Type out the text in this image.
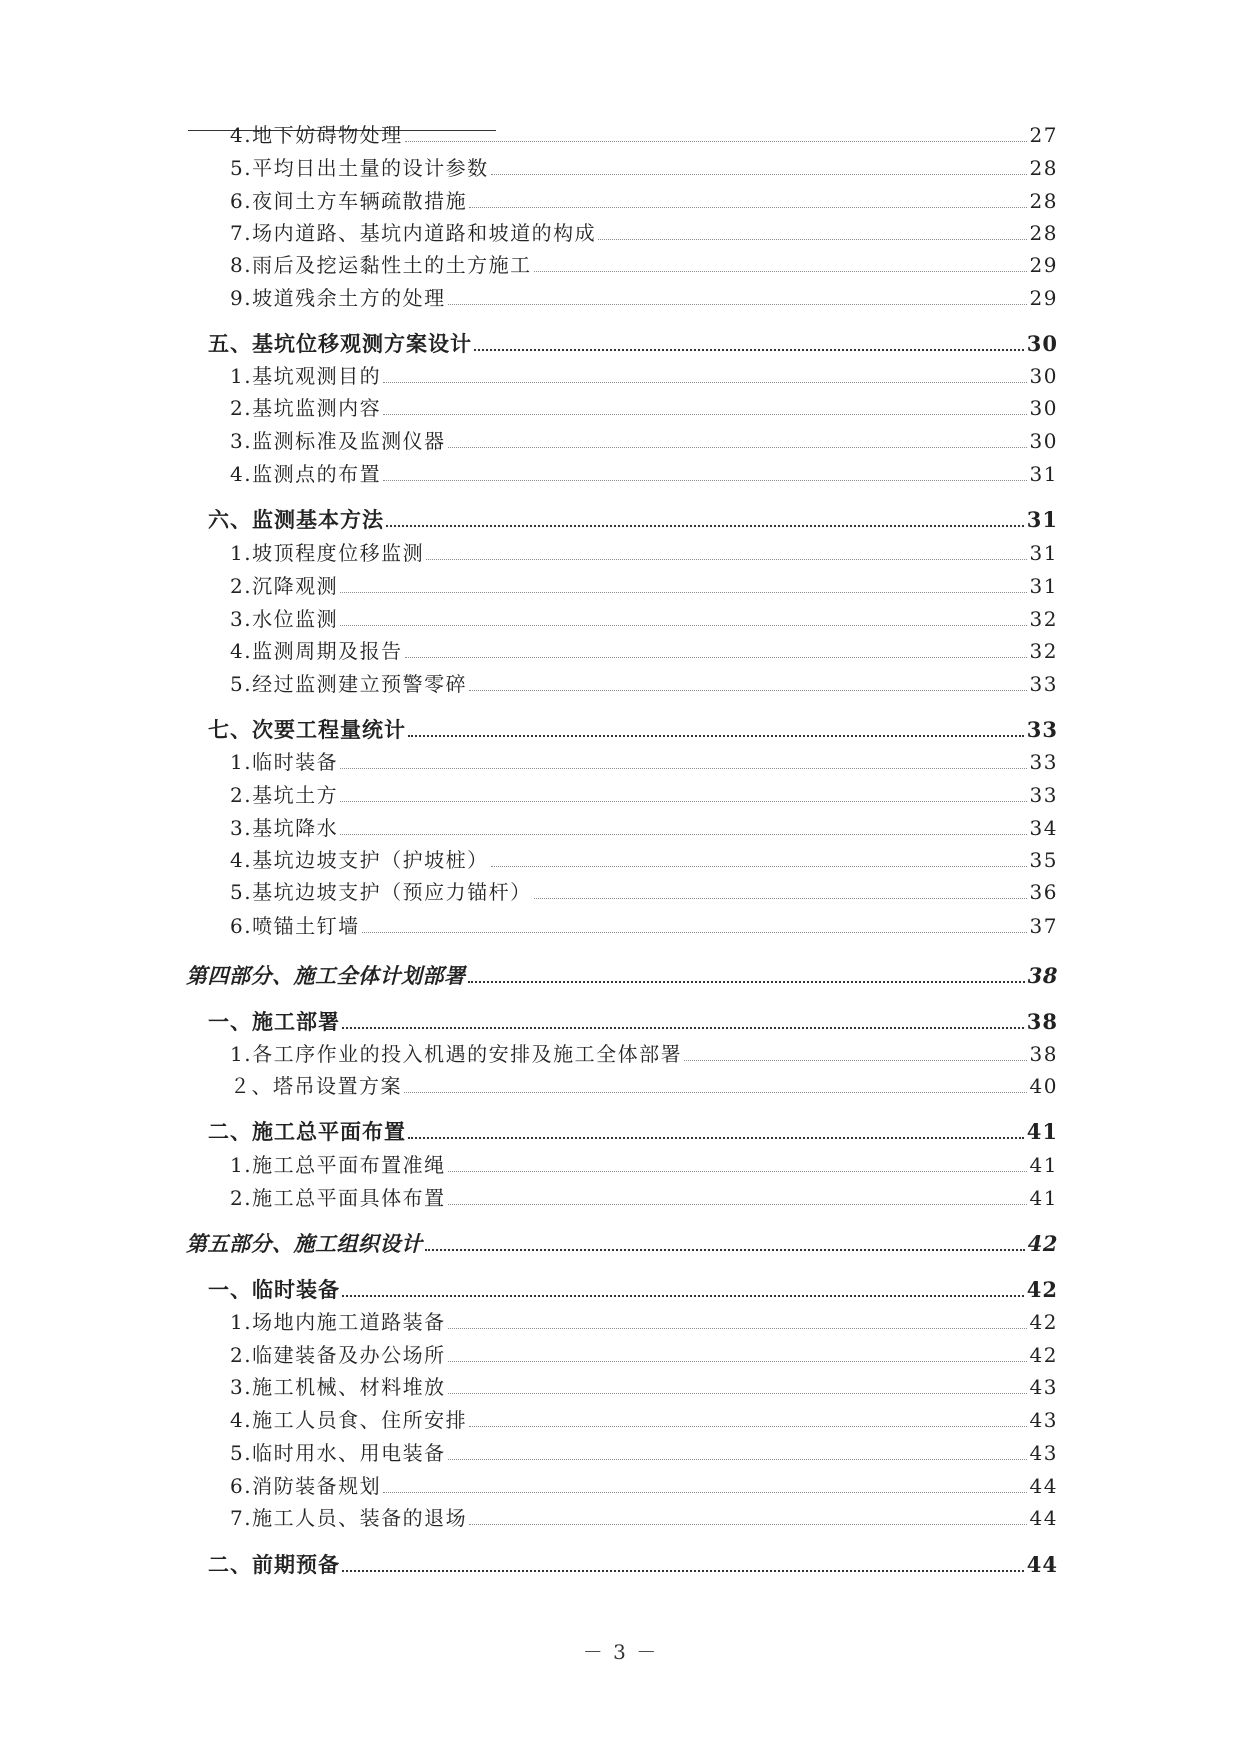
4.地下妨碍物处理	27
5.平均日出土量的设计参数	28
6.夜间土方车辆疏散措施	28
7.场内道路、基坑内道路和坡道的构成	28
8.雨后及挖运黏性土的土方施工	29
9.坡道残余土方的处理	29
五、基坑位移观测方案设计	30
1.基坑观测目的	30
2.基坑监测内容	30
3.监测标准及监测仪器	30
4.监测点的布置	31
六、监测基本方法	31
1.坡顶程度位移监测	31
2.沉降观测	31
3.水位监测	32
4.监测周期及报告	32
5.经过监测建立预警零碎	33
七、次要工程量统计	33
1.临时装备	33
2.基坑土方	33
3.基坑降水	34
4.基坑边坡支护（护坡桩）	35
5.基坑边坡支护（预应力锚杆）	36
6.喷锚土钉墙	37
第四部分、施工全体计划部署	38
一、施工部署	38
1.各工序作业的投入机遇的安排及施工全体部署	38
２、塔吊设置方案	40
二、施工总平面布置	41
1.施工总平面布置准绳	41
2.施工总平面具体布置	41
第五部分、施工组织设计	42
一、临时装备	42
1.场地内施工道路装备	42
2.临建装备及办公场所	42
3.施工机械、材料堆放	43
4.施工人员食、住所安排	43
5.临时用水、用电装备	43
6.消防装备规划	44
7.施工人员、装备的退场	44
二、前期预备	44
－ 3 －
